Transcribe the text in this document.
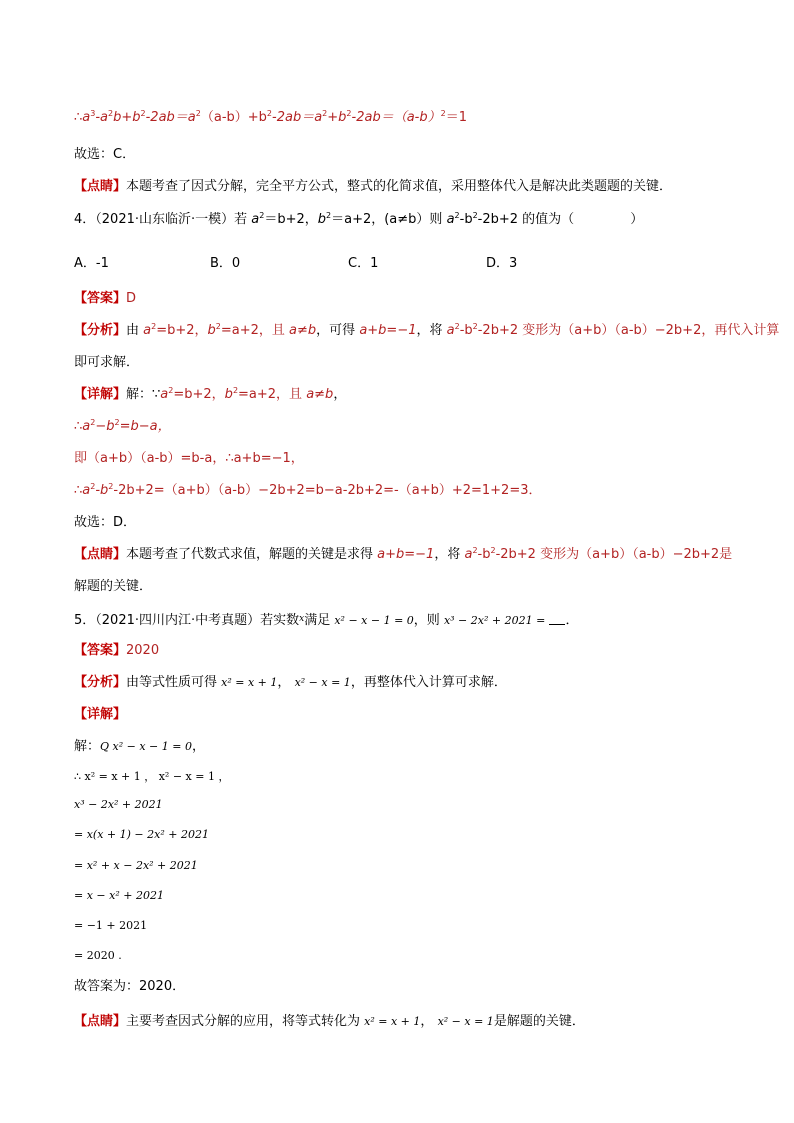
$\therefore a^3-a^2b+b^2-2ab=a^2(a-b)+b^2-2ab=a^2+b^2-2ab=(a-b)^2=1$
故选：C．
【点睛】本题考查了因式分解，完全平方公式，整式的化简求值，采用整体代入是解决此类题题的关键．
4．（2021·山东临沂·一模）若 $a^2=b+2$，$b^2=a+2$，(a≠b）则 $a^2-b^2-2b+2$ 的值为（	）
A．-1	B．0	C．1	D．3
【答案】D
【分析】由 $a^2=b+2$，$b^2=a+2$，且 a≠b，可得 a+b=−1，将 $a^2-b^2-2b+2$ 变形为（a+b）（a-b）−2b+2，再代入计算
即可求解．
【详解】解：$\because a^2=b+2$，$b^2=a+2$，且 a≠b，
$\therefore a^2-b^2=b-a$，
即（a+b）（a-b）=b-a，∴a+b=−1，
$\therefore a^2-b^2-2b+2=(a+b)(a-b)-2b+2=b-a-2b+2=-(a+b)+2=1+2=3$．
故选：D．
【点睛】本题考查了代数式求值，解题的关键是求得 a+b=−1，将 $a^2-b^2-2b+2$ 变形为（a+b）（a-b）−2b+2是
解题的关键．
5．（2021·四川内江·中考真题）若实数$^x$满足 x² − x − 1 = 0，则 x³ − 2x² + 2021 = ．
【答案】2020
【分析】由等式性质可得 x² = x + 1， x² − x = 1，再整体代入计算可求解．
【详解】
解：Q x² − x − 1 = 0，
∴ x² = x + 1 ， x² − x = 1 ，
x³ − 2x² + 2021
= x(x + 1) − 2x² + 2021
= x² + x − 2x² + 2021
= x − x² + 2021
= −1 + 2021
= 2020 .
故答案为：2020．
【点睛】主要考查因式分解的应用，将等式转化为 x² = x + 1， x² − x = 1是解题的关键．
